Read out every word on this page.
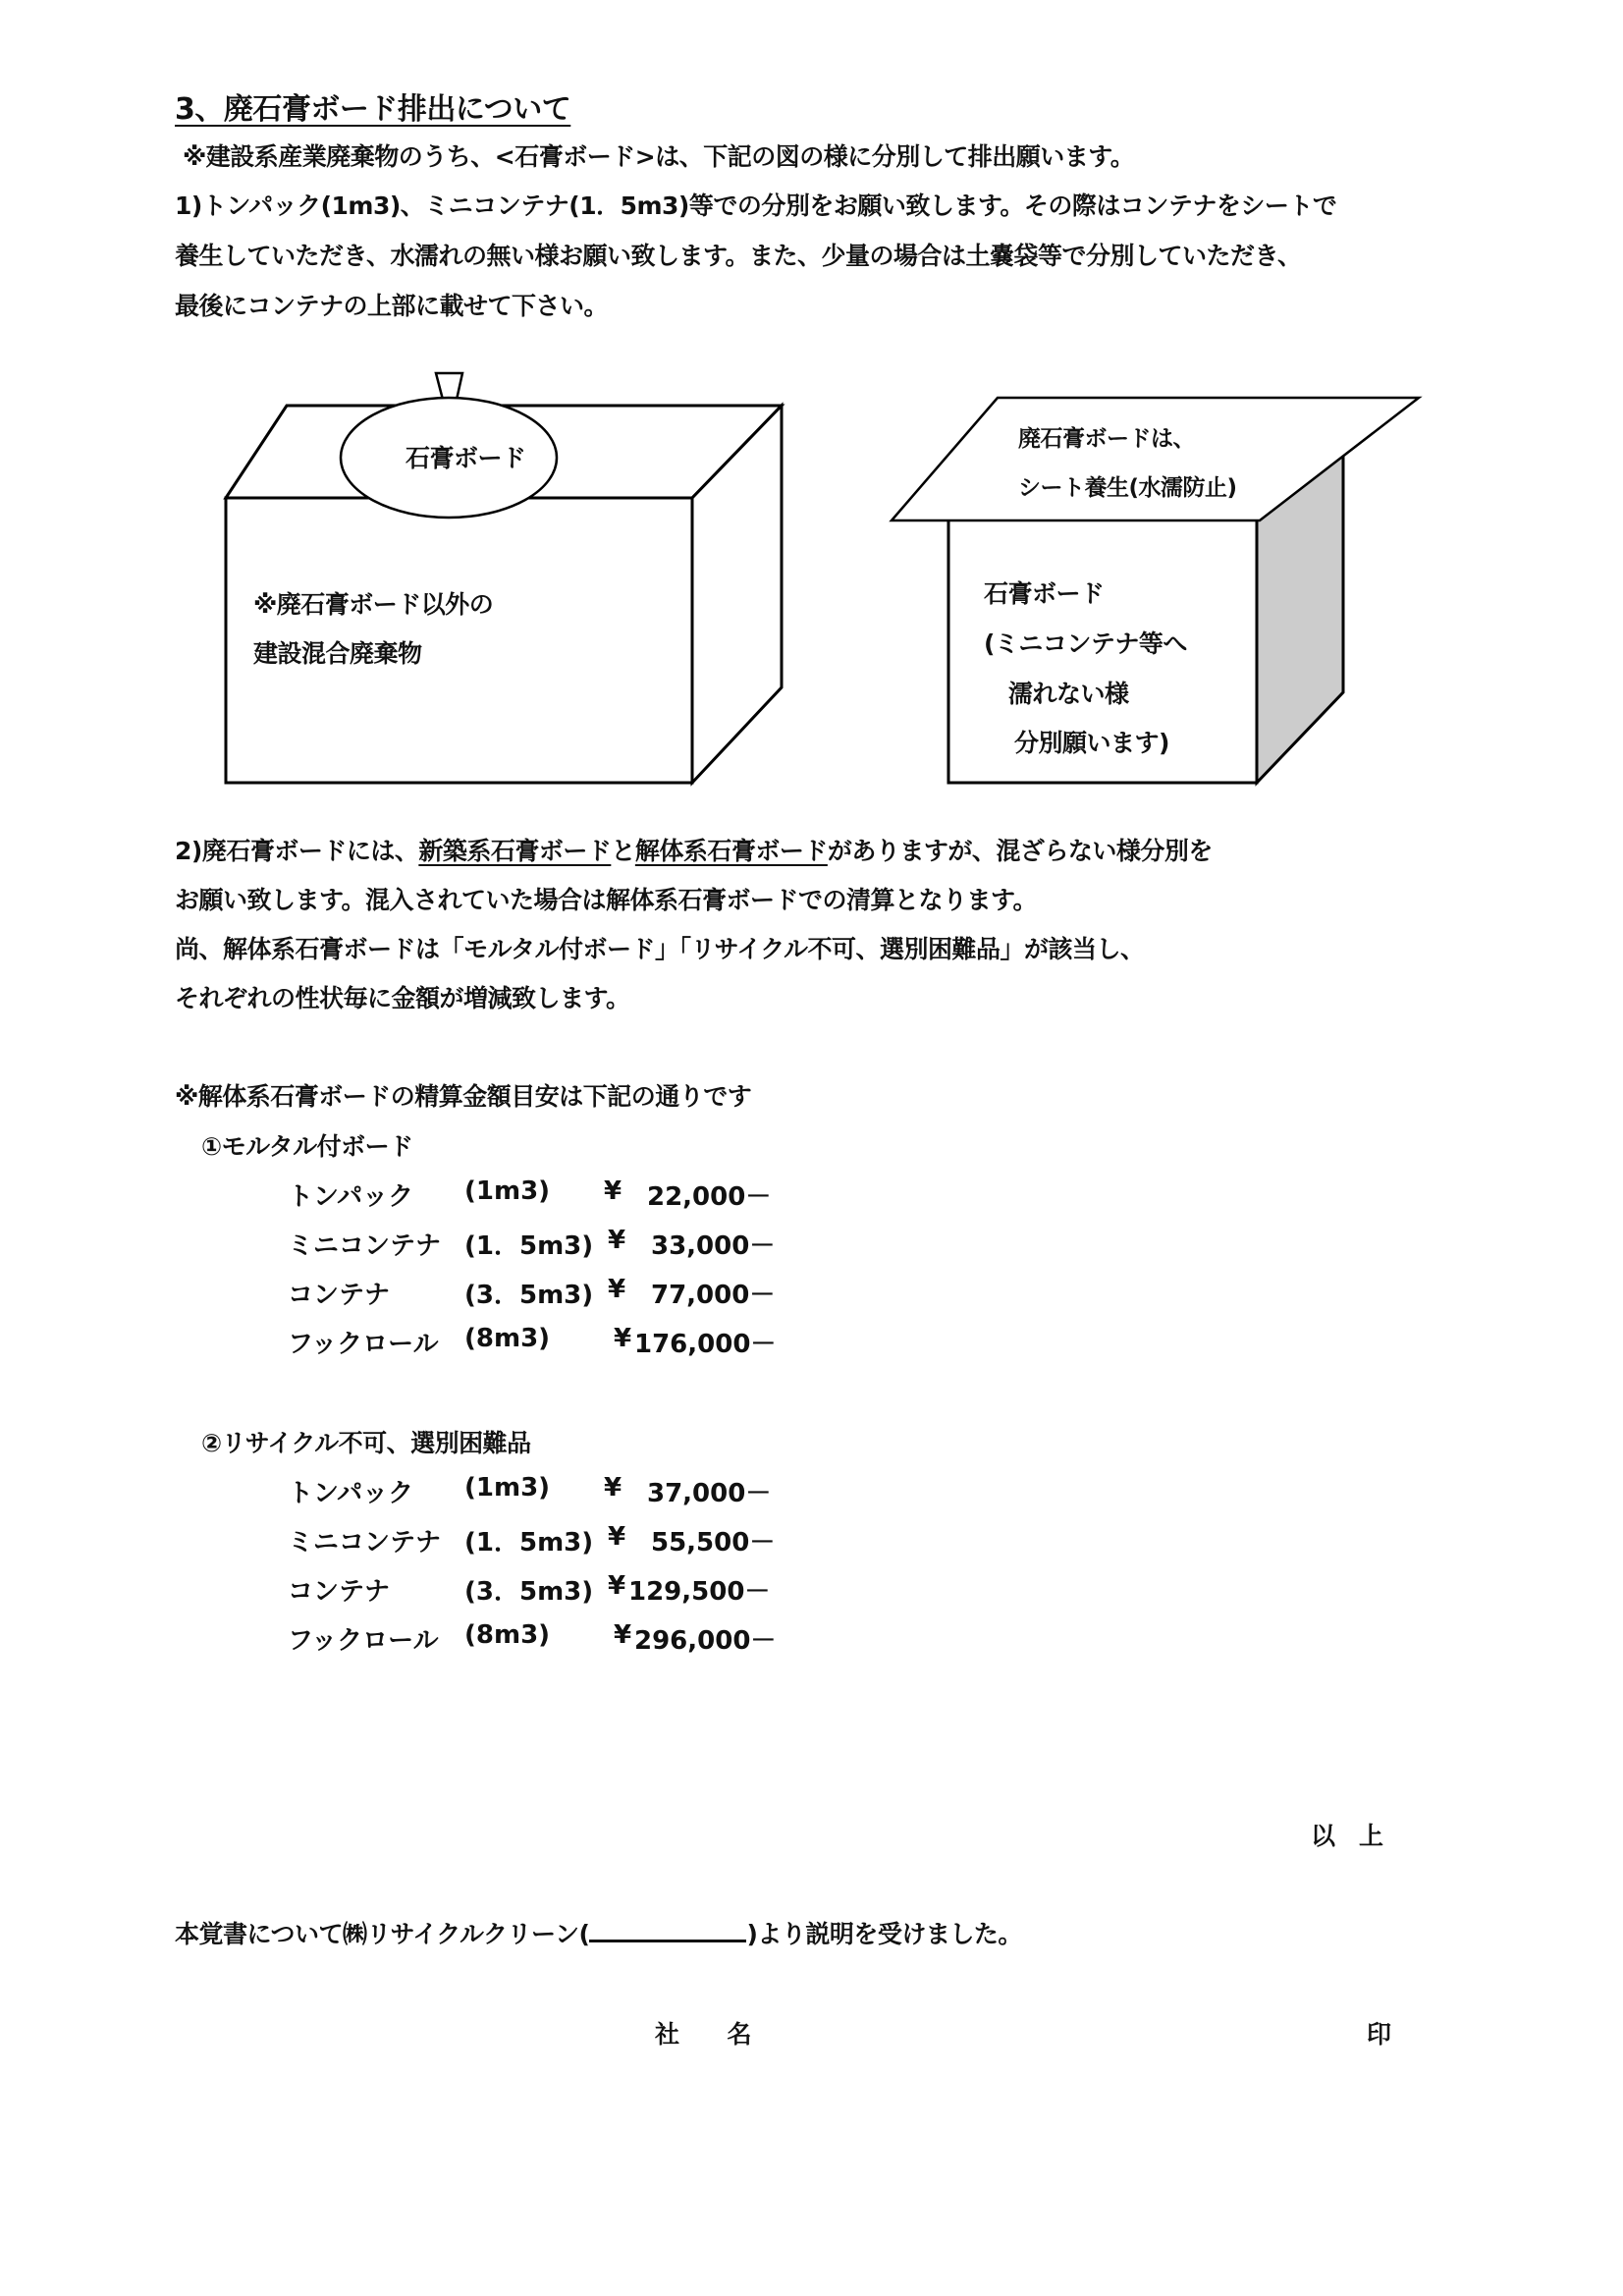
3、廃石膏ボード排出について
※建設系産業廃棄物のうち、<石膏ボード>は、下記の図の様に分別して排出願います。
1)トンパック(1m3)、ミニコンテナ(1．5m3)等での分別をお願い致します。その際はコンテナをシートで
養生していただき、水濡れの無い様お願い致します。また、少量の場合は土嚢袋等で分別していただき、
最後にコンテナの上部に載せて下さい。
石膏ボード
※廃石膏ボード以外の
建設混合廃棄物
廃石膏ボードは、
シート養生(水濡防止)
石膏ボード
(ミニコンテナ等へ
濡れない様
分別願います)
2)廃石膏ボードには、新築系石膏ボードと解体系石膏ボードがありますが、混ざらない様分別を
お願い致します。混入されていた場合は解体系石膏ボードでの清算となります。
尚、解体系石膏ボードは「モルタル付ボード」「リサイクル不可、選別困難品」が該当し、
それぞれの性状毎に金額が増減致します。
※解体系石膏ボードの精算金額目安は下記の通りです
①モルタル付ボード
トンパック (1m3) ¥ 22,000－
ミニコンテナ (1．5m3) ¥ 33,000－
コンテナ	(3．5m3) ¥ 77,000－
フックロール (8m3) ¥ 176,000－
②リサイクル不可、選別困難品
トンパック (1m3) ¥ 37,000－
ミニコンテナ (1．5m3) ¥ 55,500－
コンテナ	(3．5m3) ¥ 129,500－
フックロール (8m3) ¥ 296,000－
以　上
本覚書について㈱リサイクルクリーン(	)より説明を受けました。
社　　名	印
